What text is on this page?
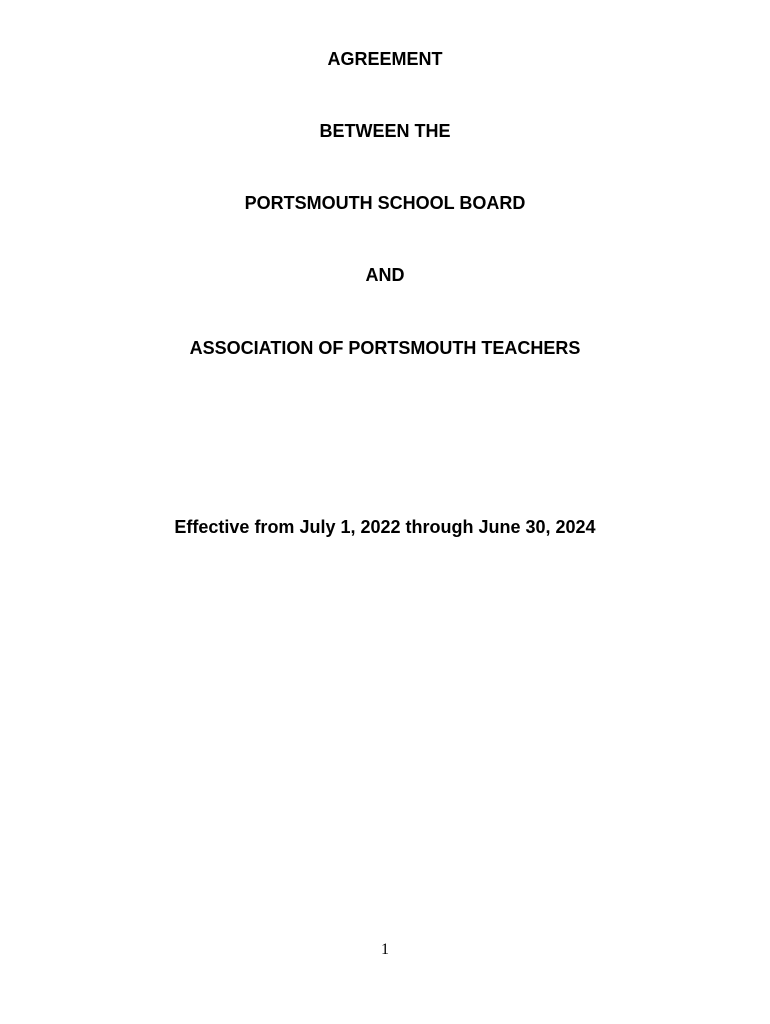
AGREEMENT
BETWEEN THE
PORTSMOUTH SCHOOL BOARD
AND
ASSOCIATION OF PORTSMOUTH TEACHERS
Effective from July 1, 2022 through June 30, 2024
1
